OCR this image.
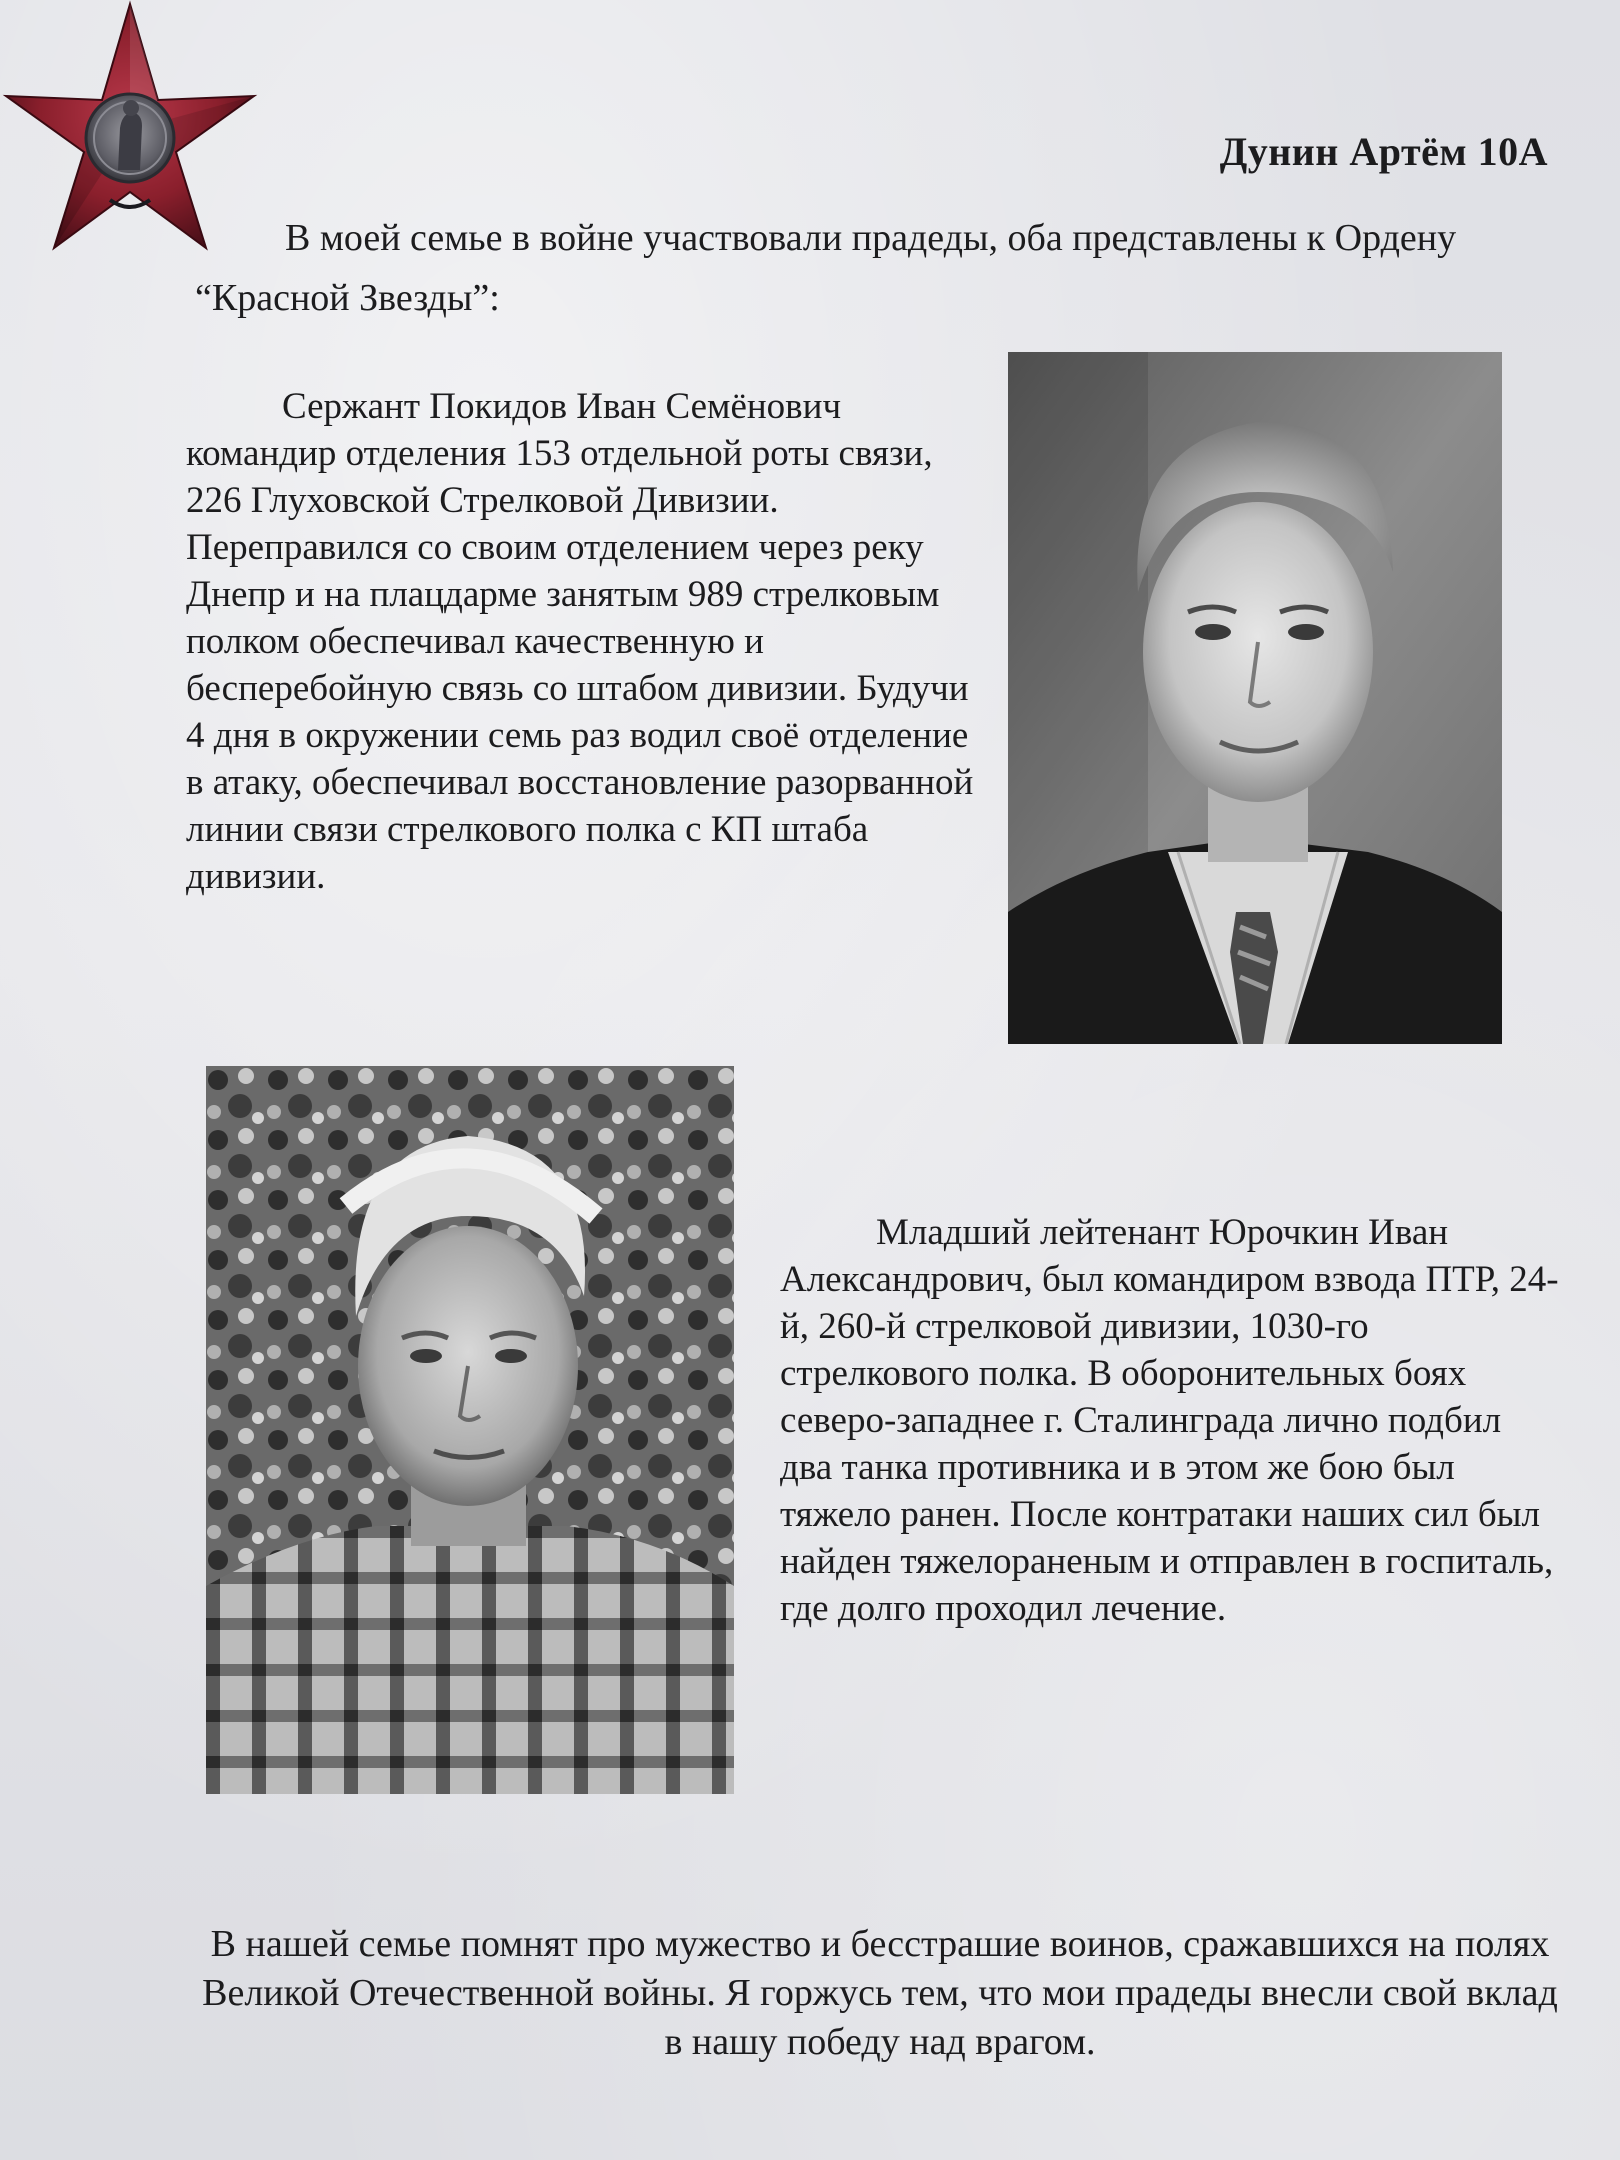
Дунин Артём 10А
В моей семье в войне участвовали прадеды, оба представлены к Ордену “Красной Звезды”:
Сержант Покидов Иван Семёнович командир отделения 153 отдельной роты связи, 226 Глуховской Стрелковой Дивизии. Переправился со своим отделением через реку Днепр и на плацдарме занятым 989 стрелковым полком обеспечивал качественную и бесперебойную связь со штабом дивизии. Будучи 4 дня в окружении семь раз водил своё отделение в атаку, обеспечивал восстановление разорванной линии связи стрелкового полка с КП штаба дивизии.
Младший лейтенант Юрочкин Иван Александрович, был командиром взвода ПТР, 24-й, 260-й стрелковой дивизии, 1030-го стрелкового полка. В оборонительных боях северо-западнее г. Сталинграда лично подбил два танка противника и в этом же бою был тяжело ранен. После контратаки наших сил был найден тяжелораненым и отправлен в госпиталь, где долго проходил лечение.
В нашей семье помнят про мужество и бесстрашие воинов, сражавшихся на полях Великой Отечественной войны. Я горжусь тем, что мои прадеды внесли свой вклад в нашу победу над врагом.
